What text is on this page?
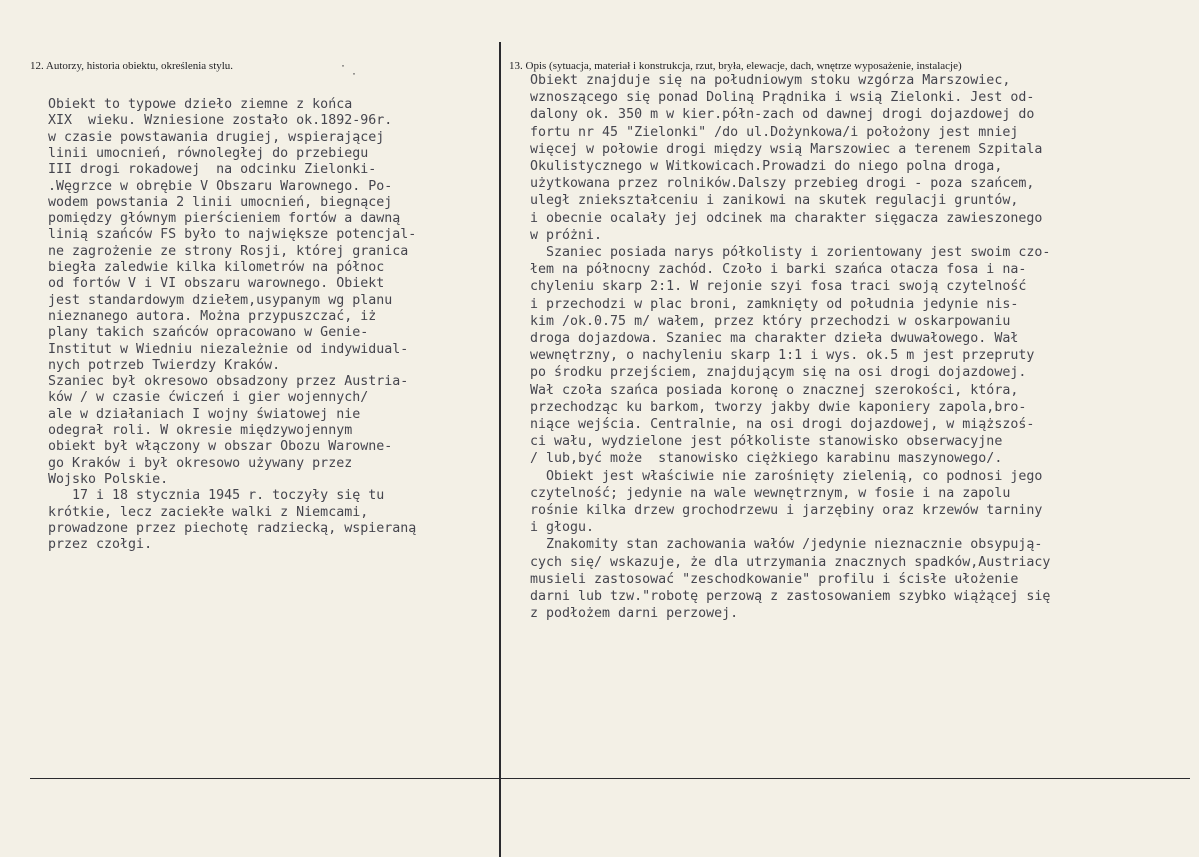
12. Autorzy, historia obiektu, określenia stylu.	13. Opis (sytuacja, materiał i konstrukcja, rzut, bryła, elewacje, dach, wnętrze wyposażenie, instalacje)
·
·
Obiekt to typowe dzieło ziemne z końca
XIX  wieku. Wzniesione zostało ok.1892-96r.
w czasie powstawania drugiej, wspierającej
linii umocnień, równoległej do przebiegu
III drogi rokadowej  na odcinku Zielonki-
.Węgrzce w obrębie V Obszaru Warownego. Po-
wodem powstania 2 linii umocnień, biegnącej
pomiędzy głównym pierścieniem fortów a dawną
linią szańców FS było to największe potencjal-
ne zagrożenie ze strony Rosji, której granica
biegła zaledwie kilka kilometrów na północ
od fortów V i VI obszaru warownego. Obiekt
jest standardowym dziełem,usypanym wg planu
nieznanego autora. Można przypuszczać, iż
plany takich szańców opracowano w Genie-
Institut w Wiedniu niezależnie od indywidual-
nych potrzeb Twierdzy Kraków.
Szaniec był okresowo obsadzony przez Austria-
ków / w czasie ćwiczeń i gier wojennych/
ale w działaniach I wojny światowej nie
odegrał roli. W okresie międzywojennym
obiekt był włączony w obszar Obozu Warowne-
go Kraków i był okresowo używany przez
Wojsko Polskie.
17 i 18 stycznia 1945 r. toczyły się tu
krótkie, lecz zaciekłe walki z Niemcami,
prowadzone przez piechotę radziecką, wspieraną
przez czołgi.
Obiekt znajduje się na południowym stoku wzgórza Marszowiec,
wznoszącego się ponad Doliną Prądnika i wsią Zielonki. Jest od-
dalony ok. 350 m w kier.półn-zach od dawnej drogi dojazdowej do
fortu nr 45 "Zielonki" /do ul.Dożynkowa/i położony jest mniej
więcej w połowie drogi między wsią Marszowiec a terenem Szpitala
Okulistycznego w Witkowicach.Prowadzi do niego polna droga,
użytkowana przez rolników.Dalszy przebieg drogi - poza szańcem,
uległ zniekształceniu i zanikowi na skutek regulacji gruntów,
i obecnie ocalały jej odcinek ma charakter sięgacza zawieszonego
w próżni.
Szaniec posiada narys półkolisty i zorientowany jest swoim czo-
łem na północny zachód. Czoło i barki szańca otacza fosa i na-
chyleniu skarp 2:1. W rejonie szyi fosa traci swoją czytelność
i przechodzi w plac broni, zamknięty od południa jedynie nis-
kim /ok.0.75 m/ wałem, przez który przechodzi w oskarpowaniu
droga dojazdowa. Szaniec ma charakter dzieła dwuwałowego. Wał
wewnętrzny, o nachyleniu skarp 1:1 i wys. ok.5 m jest przeprutу
po środku przejściem, znajdującym się na osi drogi dojazdowej.
Wał czoła szańca posiada koronę o znacznej szerokości, która,
przechodząc ku barkom, tworzy jakby dwie kaponiery zapola,bro-
niące wejścia. Centralnie, na osi drogi dojazdowej, w miąższoś-
ci wału, wydzielone jest półkoliste stanowisko obserwacyjne
/ lub,być może  stanowisko ciężkiego karabinu maszynowego/.
Obiekt jest właściwie nie zarośnięty zielenią, co podnosi jego
czytelność; jedynie na wale wewnętrznym, w fosie i na zapolu
rośnie kilka drzew grochodrzewu i jarzębiny oraz krzewów tarniny
i głogu.
Znakomity stan zachowania wałów /jedynie nieznacznie obsypują-
cych się/ wskazuje, że dla utrzymania znacznych spadków,Austriacy
musieli zastosować "zeschodkowanie" profilu i ścisłe ułożenie
darni lub tzw."robotę perzową z zastosowaniem szybko wiążącej się
z podłożem darni perzowej.
